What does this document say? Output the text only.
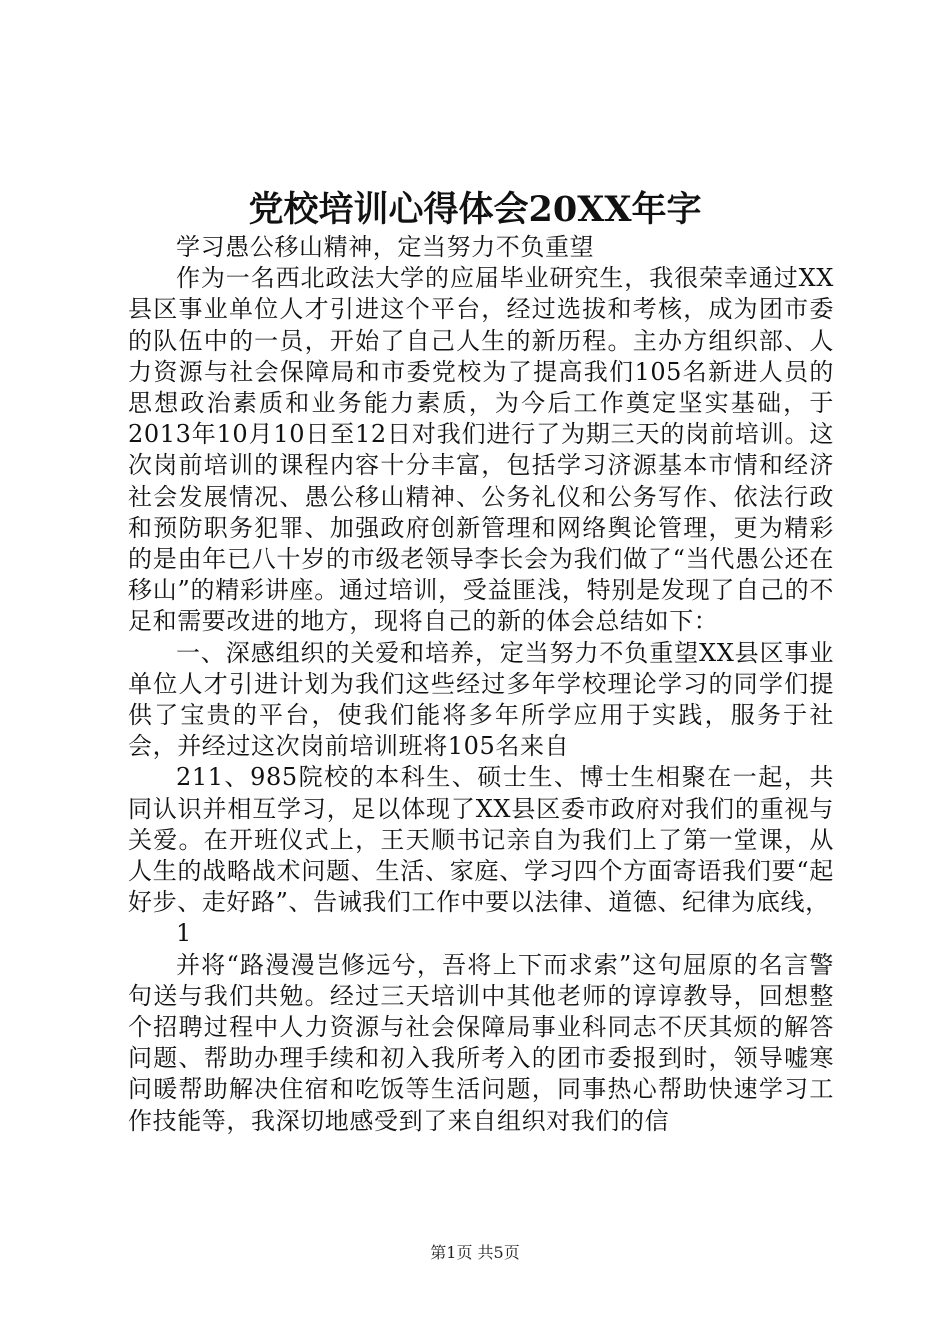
党校培训心得体会20XX年字

学习愚公移山精神，定当努力不负重望

作为一名西北政法大学的应届毕业研究生，我很荣幸通过XX县区事业单位人才引进这个平台，经过选拔和考核，成为团市委的队伍中的一员，开始了自己人生的新历程。主办方组织部、人力资源与社会保障局和市委党校为了提高我们105名新进人员的思想政治素质和业务能力素质，为今后工作奠定坚实基础，于2013年10月10日至12日对我们进行了为期三天的岗前培训。这次岗前培训的课程内容十分丰富，包括学习济源基本市情和经济社会发展情况、愚公移山精神、公务礼仪和公务写作、依法行政和预防职务犯罪、加强政府创新管理和网络舆论管理，更为精彩的是由年已八十岁的市级老领导李长会为我们做了“当代愚公还在移山”的精彩讲座。通过培训，受益匪浅，特别是发现了自己的不足和需要改进的地方，现将自己的新的体会总结如下：

一、深感组织的关爱和培养，定当努力不负重望XX县区事业单位人才引进计划为我们这些经过多年学校理论学习的同学们提供了宝贵的平台，使我们能将多年所学应用于实践，服务于社会，并经过这次岗前培训班将105名来自

211、985院校的本科生、硕士生、博士生相聚在一起，共同认识并相互学习，足以体现了XX县区委市政府对我们的重视与关爱。在开班仪式上，王天顺书记亲自为我们上了第一堂课，从人生的战略战术问题、生活、家庭、学习四个方面寄语我们要“起好步、走好路”、告诫我们工作中要以法律、道德、纪律为底线，

1

并将“路漫漫岂修远兮，吾将上下而求索”这句屈原的名言警句送与我们共勉。经过三天培训中其他老师的谆谆教导，回想整个招聘过程中人力资源与社会保障局事业科同志不厌其烦的解答问题、帮助办理手续和初入我所考入的团市委报到时，领导嘘寒问暖帮助解决住宿和吃饭等生活问题，同事热心帮助快速学习工作技能等，我深切地感受到了来自组织对我们的信

第1页 共5页
